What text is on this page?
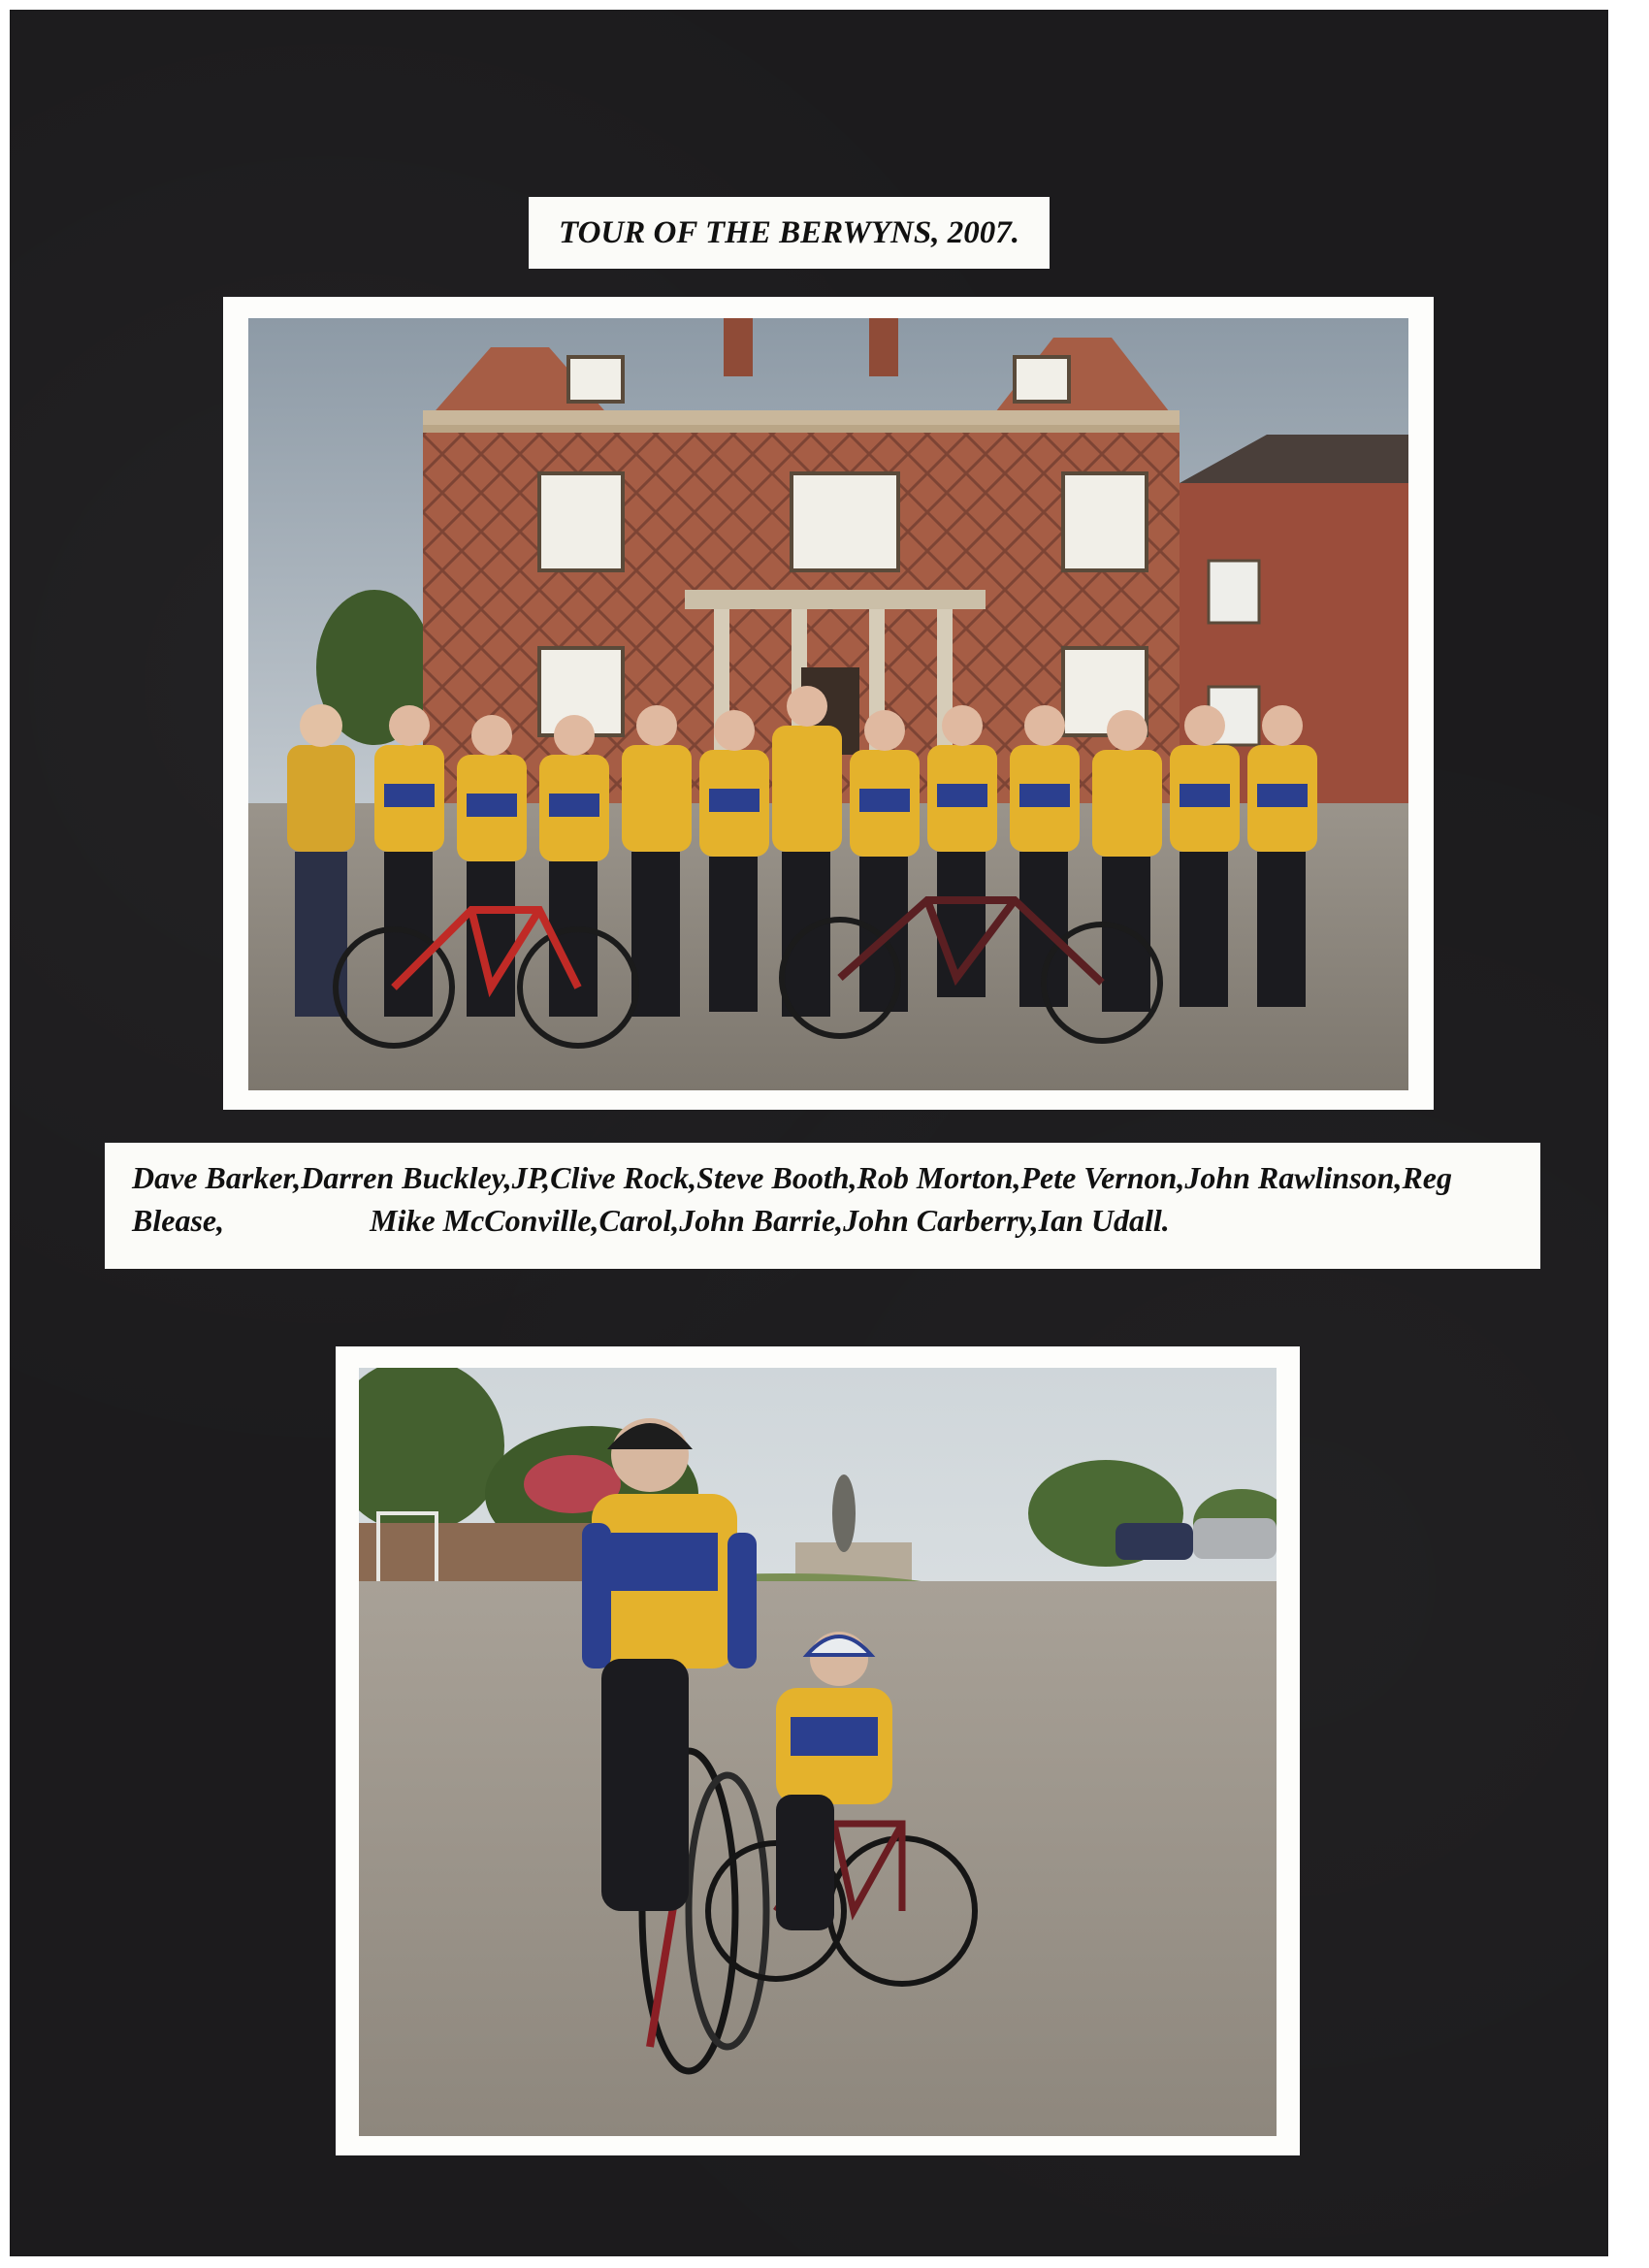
TOUR OF THE BERWYNS, 2007.
Dave Barker,Darren Buckley,JP,Clive Rock,Steve Booth,Rob Morton,Pete Vernon,John Rawlinson,Reg
Blease,	Mike McConville,Carol,John Barrie,John Carberry,Ian Udall.
